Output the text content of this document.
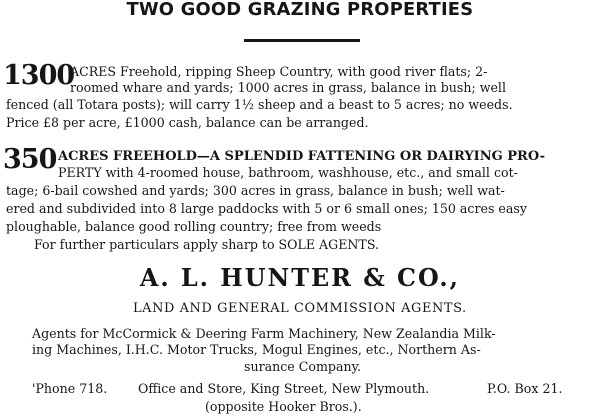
TWO GOOD GRAZING PROPERTIES
1300
ACRES Freehold, ripping Sheep Country, with good river flats; 2-
roomed whare and yards; 1000 acres in grass, balance in bush; well
fenced (all Totara posts); will carry 1½ sheep and a beast to 5 acres; no weeds.
Price £8 per acre, £1000 cash, balance can be arranged.
350 ACRES FREEHOLD—A SPLENDID FATTENING OR DAIRYING PRO-
PERTY with 4-roomed house, bathroom, washhouse, etc., and small cot-
tage; 6-bail cowshed and yards; 300 acres in grass, balance in bush; well wat-
ered and subdivided into 8 large paddocks with 5 or 6 small ones; 150 acres easy
ploughable, balance good rolling country; free from weeds
For further particulars apply sharp to SOLE AGENTS.
A. L. HUNTER & CO.,
LAND AND GENERAL COMMISSION AGENTS.
Agents for McCormick & Deering Farm Machinery, New Zealandia Milk-
ing Machines, I.H.C. Motor Trucks, Mogul Engines, etc., Northern As-
surance Company.
'Phone 718. Office and Store, King Street, New Plymouth.	P.O. Box 21.
(opposite Hooker Bros.).
